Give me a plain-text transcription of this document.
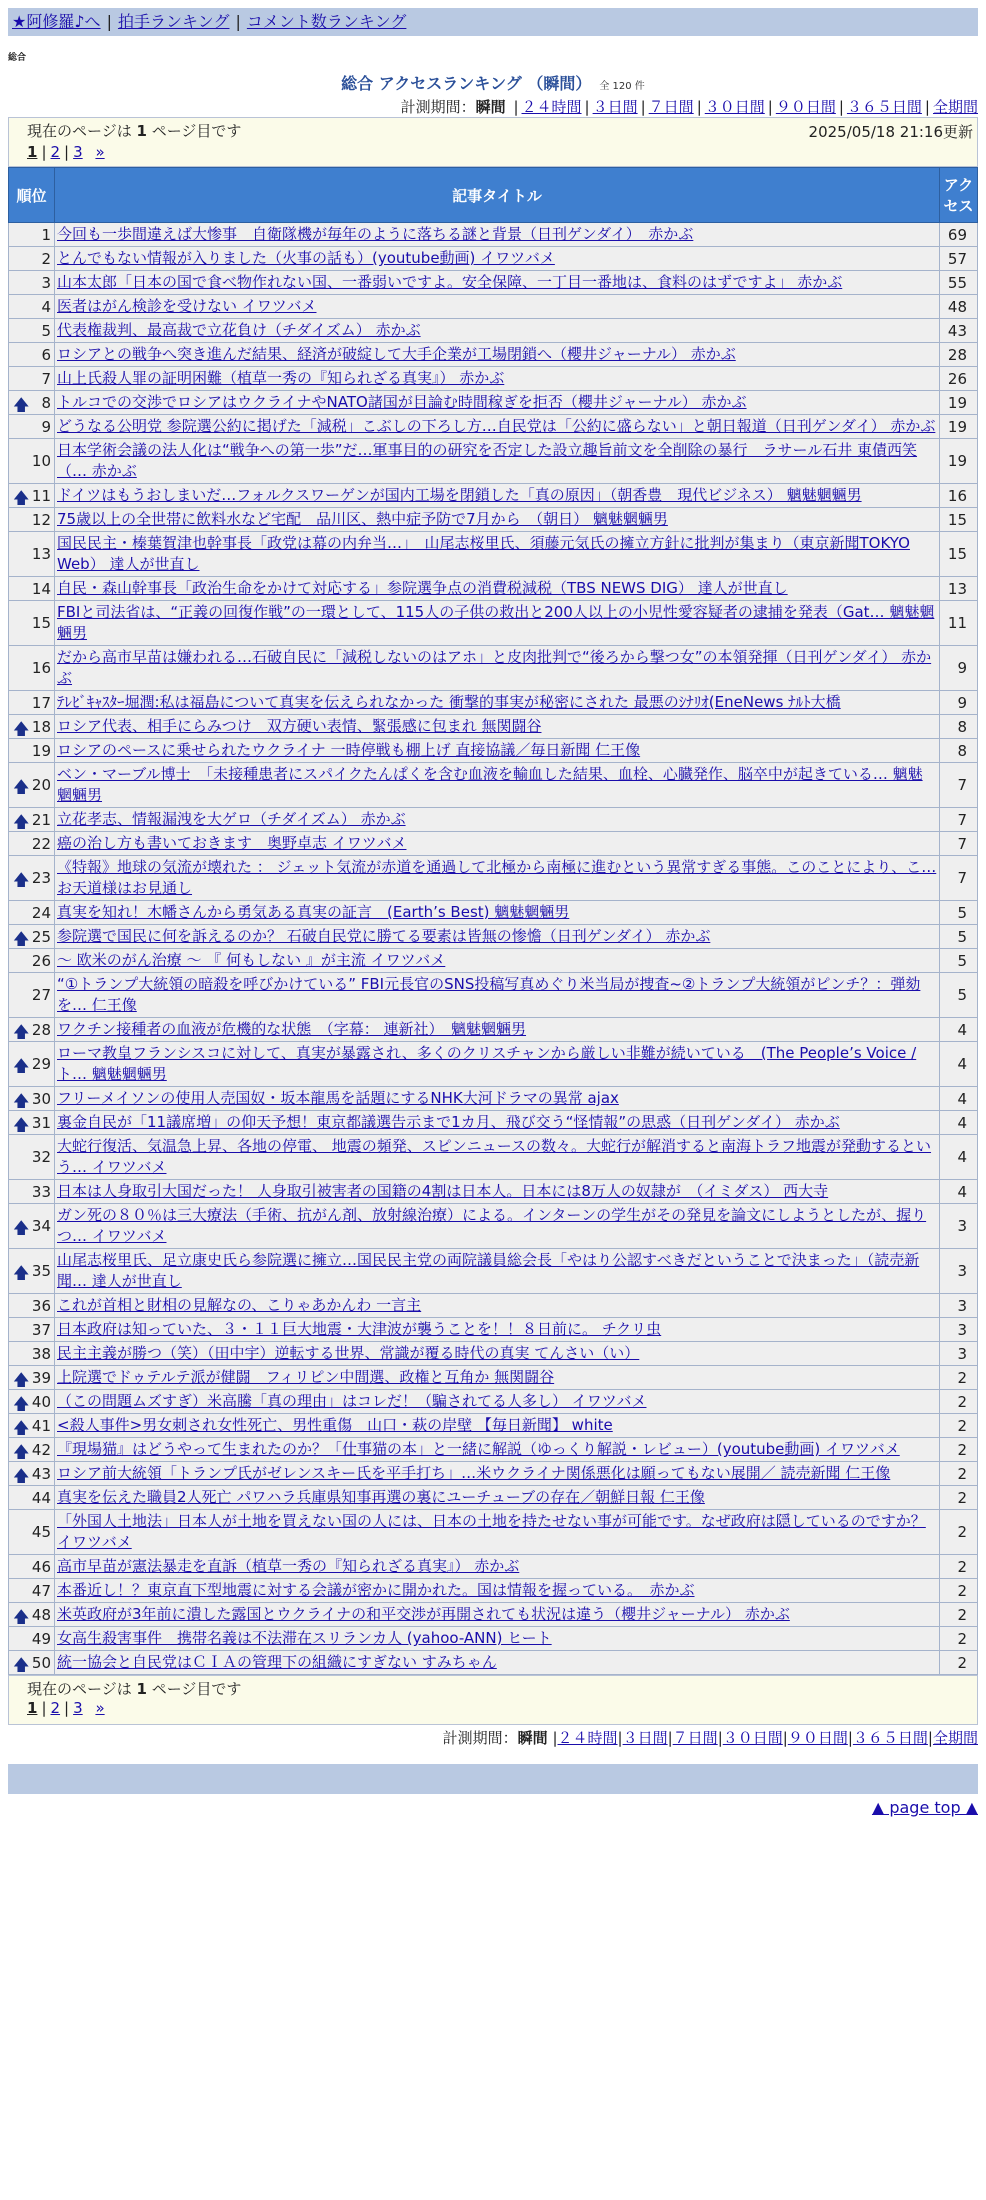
★阿修羅♪へ | 拍手ランキング | コメント数ランキング
総合
総合 アクセスランキング （瞬間） 全 120 件
計測期間：瞬間 | ２４時間 | ３日間 | ７日間 | ３０日間 | ９０日間 | ３６５日間 | 全期間
現在のページは 1 ページ目です	2025/05/18 21:16更新
1 | 2 | 3 »
順位	記事タイトル	アクセス
1	今回も一歩間違えば大惨事　自衛隊機が毎年のように落ちる謎と背景（日刊ゲンダイ）　赤かぶ	69
2	とんでもない情報が入りました（火事の話も）(youtube動画) イワツバメ	57
3	山本太郎「日本の国で食べ物作れない国、一番弱いですよ。安全保障、一丁目一番地は、食料のはずですよ」 赤かぶ	55
4	医者はがん検診を受けない イワツバメ	48
5	代表権裁判、最高裁で立花負け（チダイズム） 赤かぶ	43
6	ロシアとの戦争へ突き進んだ結果、経済が破綻して大手企業が工場閉鎖へ（櫻井ジャーナル） 赤かぶ	28
7	山上氏殺人罪の証明困難（植草一秀の『知られざる真実』） 赤かぶ	26

🡅 8	トルコでの交渉でロシアはウクライナやNATO諸国が目論む時間稼ぎを拒否（櫻井ジャーナル） 赤かぶ	19
9	どうなる公明党 参院選公約に掲げた「減税」こぶしの下ろし方…自民党は「公約に盛らない」と朝日報道（日刊ゲンダイ） 赤かぶ	19
10	日本学術会議の法人化は“戦争への第一歩”だ…軍事目的の研究を否定した設立趣旨前文を全削除の暴行　ラサール石井 東債西笑（… 赤かぶ	19

🡅 11	ドイツはもうおしまいだ…フォルクスワーゲンが国内工場を閉鎖した「真の原因」（朝香豊　現代ビジネス） 魑魅魍魎男	16
12	75歳以上の全世帯に飲料水など宅配　品川区、熱中症予防で7月から　（朝日） 魑魅魍魎男	15
13	国民民主・榛葉賀津也幹事長「政党は幕の内弁当…」　山尾志桜里氏、須藤元気氏の擁立方針に批判が集まり（東京新聞TOKYO Web） 達人が世直し	15
14	自民・森山幹事長「政治生命をかけて対応する」参院選争点の消費税減税（TBS NEWS DIG） 達人が世直し	13
15	FBIと司法省は、“正義の回復作戦”の一環として、115人の子供の救出と200人以上の小児性愛容疑者の逮捕を発表（Gat… 魑魅魍魎男	11
16	だから高市早苗は嫌われる…石破自民に「減税しないのはアホ」と皮肉批判で“後ろから撃つ女”の本領発揮（日刊ゲンダイ） 赤かぶ	9
17	ﾃﾚﾋﾞｷｬｽﾀｰ堀潤:私は福島について真実を伝えられなかった 衝撃的事実が秘密にされた 最悪のｼﾅﾘｵ(EneNews ﾅﾙﾄ大橋	9

🡅 18	ロシア代表、相手にらみつけ　双方硬い表情、緊張感に包まれ 無関闘谷	8
19	ロシアのペースに乗せられたウクライナ 一時停戦も棚上げ 直接協議／毎日新聞 仁王像	8

🡅 20	ベン・マーブル博士　「未接種患者にスパイクたんぱくを含む血液を輸血した結果、血栓、心臓発作、脳卒中が起きている… 魑魅魍魎男	7

🡅 21	立花孝志、情報漏洩を大ゲロ（チダイズム） 赤かぶ	7
22	癌の治し方も書いておきます　奥野卓志 イワツバメ	7

🡅 23	《特報》地球の気流が壊れた ： ジェット気流が赤道を通過して北極から南極に進むという異常すぎる事態。このことにより、こ… お天道様はお見通し	7
24	真実を知れ！木幡さんから勇気ある真実の証言　(Earth’s Best) 魑魅魍魎男	5

🡅 25	参院選で国民に何を訴えるのか？ 石破自民党に勝てる要素は皆無の惨憺（日刊ゲンダイ） 赤かぶ	5
26	〜 欧米のがん治療 〜 『 何もしない 』が主流 イワツバメ	5
27	“①トランプ大統領の暗殺を呼びかけている” FBI元長官のSNS投稿写真めぐり米当局が捜査~②トランプ大統領がピンチ？：弾劾を… 仁王像	5

🡅 28	ワクチン接種者の血液が危機的な状態　（字幕： 連新社）　魑魅魍魎男	4

🡅 29	ローマ教皇フランシスコに対して、真実が暴露され、多くのクリスチャンから厳しい非難が続いている　(The People’s Voice / ト… 魑魅魍魎男	4

🡅 30	フリーメイソンの使用人売国奴・坂本龍馬を話題にするNHK大河ドラマの異常 ajax	4

🡅 31	裏金自民が「11議席増」の仰天予想！東京都議選告示まで1カ月、飛び交う“怪情報”の思惑（日刊ゲンダイ） 赤かぶ	4
32	大蛇行復活、気温急上昇、各地の停電、 地震の頻発、スピンニュースの数々。大蛇行が解消すると南海トラフ地震が発動するという… イワツバメ	4
33	日本は人身取引大国だった！ 人身取引被害者の国籍の4割は日本人。日本には8万人の奴隷が　（イミダス） 西大寺	4

🡅 34	ガン死の８０％は三大療法（手術、抗がん剤、放射線治療）による。インターンの学生がその発見を論文にしようとしたが、握りつ… イワツバメ	3

🡅 35	山尾志桜里氏、足立康史氏ら参院選に擁立…国民民主党の両院議員総会長「やはり公認すべきだということで決まった」（読売新聞… 達人が世直し	3
36	これが首相と財相の見解なの、こりゃあかんわ 一言主	3
37	日本政府は知っていた、３・１１巨大地震・大津波が襲うことを！！８日前に。 チクリ虫	3
38	民主主義が勝つ（笑）（田中宇）逆転する世界、常識が覆る時代の真実 てんさい（い）	3

🡅 39	上院選でドゥテルテ派が健闘　フィリピン中間選、政権と互角か 無関闘谷	2

🡅 40	（この問題ムズすぎ）米高騰「真の理由」はコレだ！（騙されてる人多し） イワツバメ	2

🡅 41	<殺人事件>男女刺され女性死亡、男性重傷　山口・萩の岸壁 【毎日新聞】 white	2

🡅 42	『現場猫』はどうやって生まれたのか？「仕事猫の本」と一緒に解説（ゆっくり解説・レビュー）(youtube動画) イワツバメ	2

🡅 43	ロシア前大統領「トランプ氏がゼレンスキー氏を平手打ち」…米ウクライナ関係悪化は願ってもない展開／ 読売新聞 仁王像	2
44	真実を伝えた職員2人死亡 パワハラ兵庫県知事再選の裏にユーチューブの存在／朝鮮日報 仁王像	2
45	「外国人土地法」日本人が土地を買えない国の人には、日本の土地を持たせない事が可能です。なぜ政府は隠しているのですか？ イワツバメ	2
46	高市早苗が憲法暴走を直訴（植草一秀の『知られざる真実』） 赤かぶ	2
47	本番近し！？東京直下型地震に対する会議が密かに開かれた。国は情報を握っている。　赤かぶ	2

🡅 48	米英政府が3年前に潰した露国とウクライナの和平交渉が再開されても状況は違う（櫻井ジャーナル） 赤かぶ	2
49	女高生殺害事件　携帯名義は不法滞在スリランカ人 (yahoo-ANN) ヒート	2

🡅 50	統一協会と自民党はＣＩＡの管理下の組織にすぎない すみちゃん	2
現在のページは 1 ページ目です
1 | 2 | 3 »
計測期間：瞬間 |２４時間|３日間|７日間|３０日間|９０日間|３６５日間|全期間
▲ page top ▲
